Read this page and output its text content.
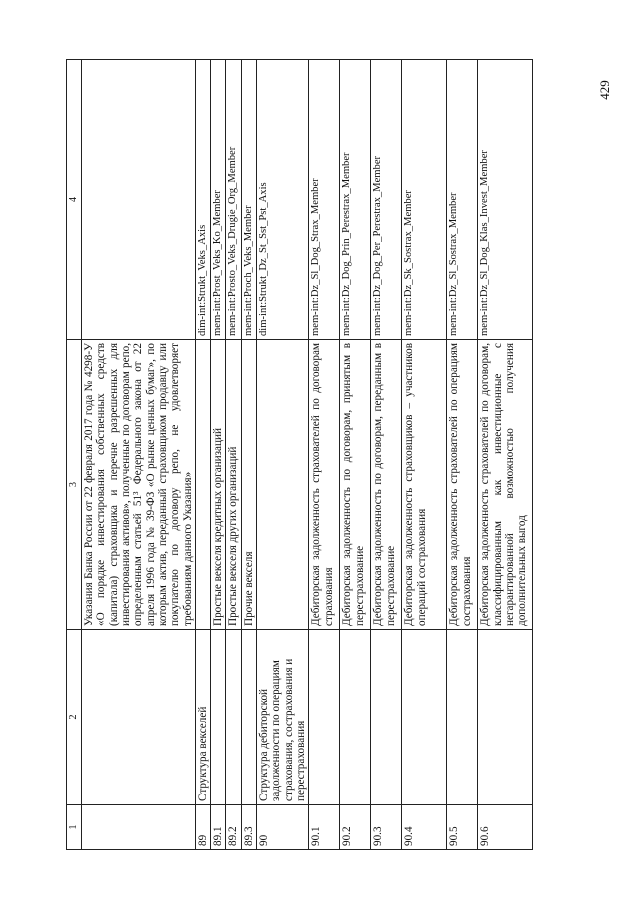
429
1	2	3	4
		Указания Банка России от 22 февраля 2017 года № 4298-У «О порядке инвестирования собственных средств (капитала) страховщика и перечне разрешенных для инвестирования активов», полученные по договорам репо, определенным статьей 51³ Федерального закона от 22 апреля 1996 года № 39-ФЗ «О рынке ценных бумаг», по которым актив, переданный страховщиком продавцу или покупателю по договору репо, не удовлетворяет требованиям данного Указания»	
89	Структура векселей		dim-int:Strukt_Veks_Axis
89.1		Простые векселя кредитных организаций	mem-int:Prost_Veks_Ko_Member
89.2		Простые векселя других организаций	mem-int:Prosto_Veks_Drugie_Org_Member
89.3		Прочие векселя	mem-int:Proch_Veks_Member
90	Структура дебиторской задолженности по операциям страхования, сострахования и перестрахования		dim-int:Strukt_Dz_St_Sst_Pst_Axis
90.1		Дебиторская задолженность страхователей по договорам страхования	mem-int:Dz_Sl_Dog_Strax_Member
90.2		Дебиторская задолженность по договорам, принятым в перестрахование	mem-int:Dz_Dog_Prin_Perestrax_Member
90.3		Дебиторская задолженность по договорам, переданным в перестрахование	mem-int:Dz_Dog_Per_Perestrax_Member
90.4		Дебиторская задолженность страховщиков – участников операций сострахования	mem-int:Dz_Sk_Sostrax_Member
90.5		Дебиторская задолженность страхователей по операциям сострахования	mem-int:Dz_Sl_Sostrax_Member
90.6		Дебиторская задолженность страхователей по договорам, классифицированным как инвестиционные с негарантированной возможностью получения дополнительных выгод	mem-int:Dz_Sl_Dog_Klas_Invest_Member
